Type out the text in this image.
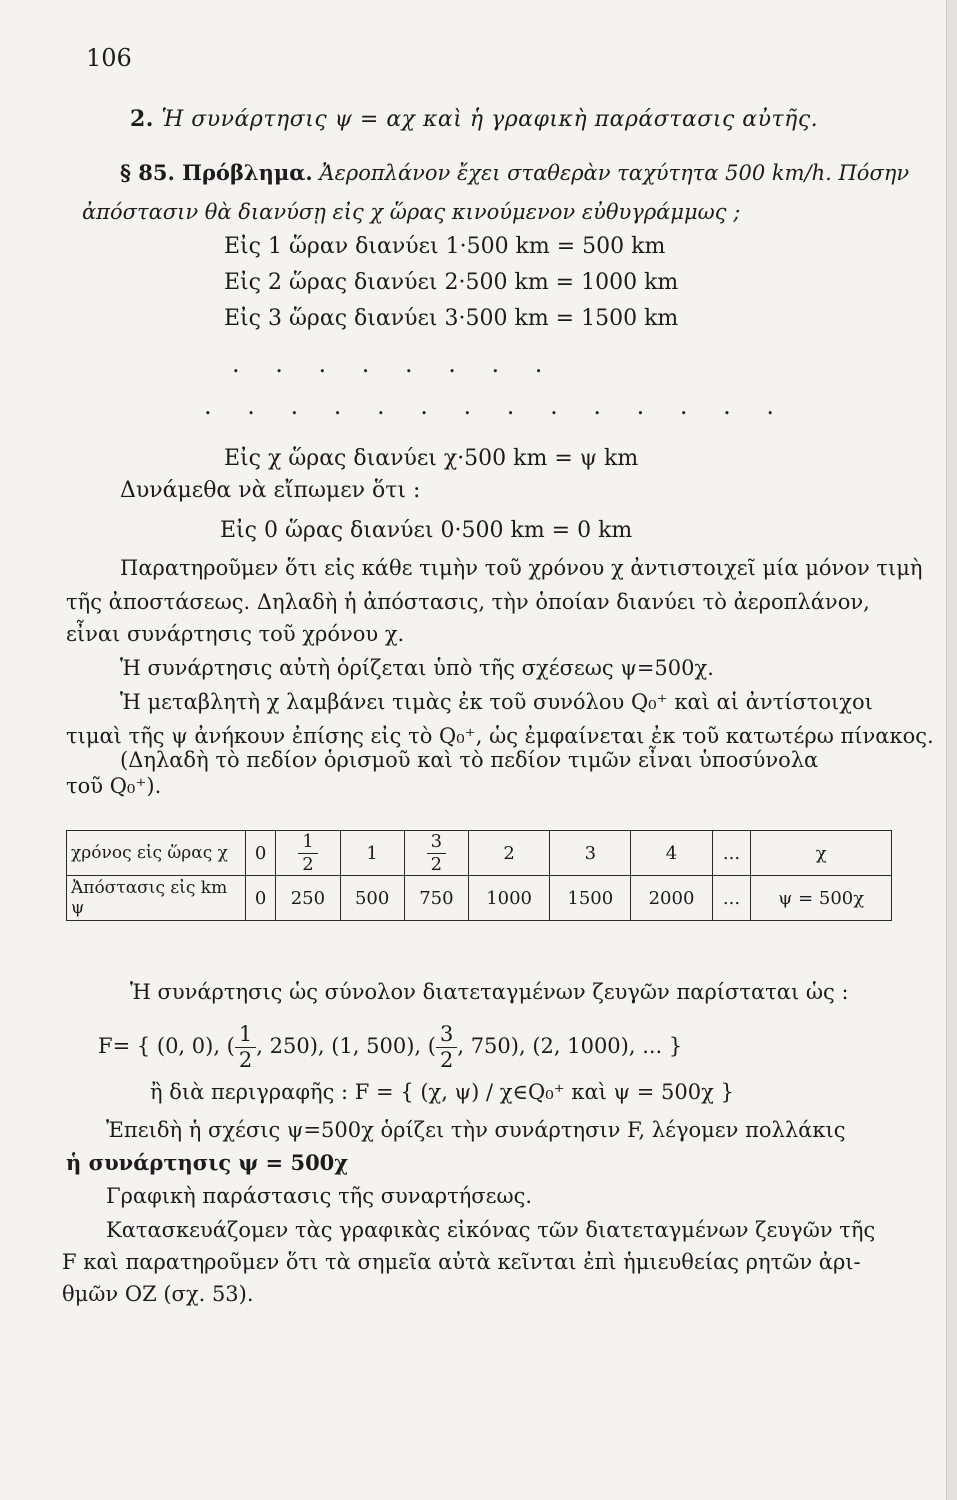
106
2. Ἡ συνάρτησις ψ = αχ καὶ ἡ γραφικὴ παράστασις αὐτῆς.
§ 85. Πρόβλημα. Ἀεροπλάνον ἔχει σταθερὰν ταχύτητα 500 km/h. Πόσην
ἀπόστασιν θὰ διανύσῃ εἰς χ ὥρας κινούμενον εὐθυγράμμως ;
Εἰς 1 ὥραν διανύει 1·500 km = 500 km
Εἰς 2 ὥρας διανύει 2·500 km = 1000 km
Εἰς 3 ὥρας διανύει 3·500 km = 1500 km
. . . . . . . .
. . . . . . . . . . . . . .
Εἰς χ ὥρας διανύει χ·500 km = ψ km
Δυνάμεθα νὰ εἴπωμεν ὅτι :
Εἰς 0 ὥρας διανύει 0·500 km = 0 km
Παρατηροῦμεν ὅτι εἰς κάθε τιμὴν τοῦ χρόνου χ ἀντιστοιχεῖ μία μόνον τιμὴ
τῆς ἀποστάσεως. Δηλαδὴ ἡ ἀπόστασις, τὴν ὁποίαν διανύει τὸ ἀεροπλάνον,
εἶναι συνάρτησις τοῦ χρόνου χ.
Ἡ συνάρτησις αὐτὴ ὁρίζεται ὑπὸ τῆς σχέσεως ψ=500χ.
Ἡ μεταβλητὴ χ λαμβάνει τιμὰς ἐκ τοῦ συνόλου Q₀⁺ καὶ αἱ ἀντίστοιχοι
τιμαὶ τῆς ψ ἀνήκουν ἐπίσης εἰς τὸ Q₀⁺, ὡς ἐμφαίνεται ἐκ τοῦ κατωτέρω πίνακος.
(Δηλαδὴ τὸ πεδίον ὁρισμοῦ καὶ τὸ πεδίον τιμῶν εἶναι ὑποσύνολα
τοῦ Q₀⁺).
χρόνος εἰς ὥρας χ	0	$\frac{1}{2}$	1	$\frac{3}{2}$	2	3	4	...	χ
Ἀπόστασις εἰς km ψ	0	250	500	750	1000	1500	2000	...	ψ = 500χ
Ἡ συνάρτησις ὡς σύνολον διατεταγμένων ζευγῶν παρίσταται ὡς :
F= { (0, 0), ( $\frac{1}{2}$ , 250), (1, 500), ( $\frac{3}{2}$ , 750), (2, 1000), ... }
ἢ διὰ περιγραφῆς : F = { (χ, ψ) / χ∈Q₀⁺ καὶ ψ = 500χ }
Ἐπειδὴ ἡ σχέσις ψ=500χ ὁρίζει τὴν συνάρτησιν F, λέγομεν πολλάκις
ἡ συνάρτησις ψ = 500χ
Γραφικὴ παράστασις τῆς συναρτήσεως.
Κατασκευάζομεν τὰς γραφικὰς εἰκόνας τῶν διατεταγμένων ζευγῶν τῆς
F καὶ παρατηροῦμεν ὅτι τὰ σημεῖα αὐτὰ κεῖνται ἐπὶ ἡμιευθείας ρητῶν ἀρι-
θμῶν OZ (σχ. 53).
